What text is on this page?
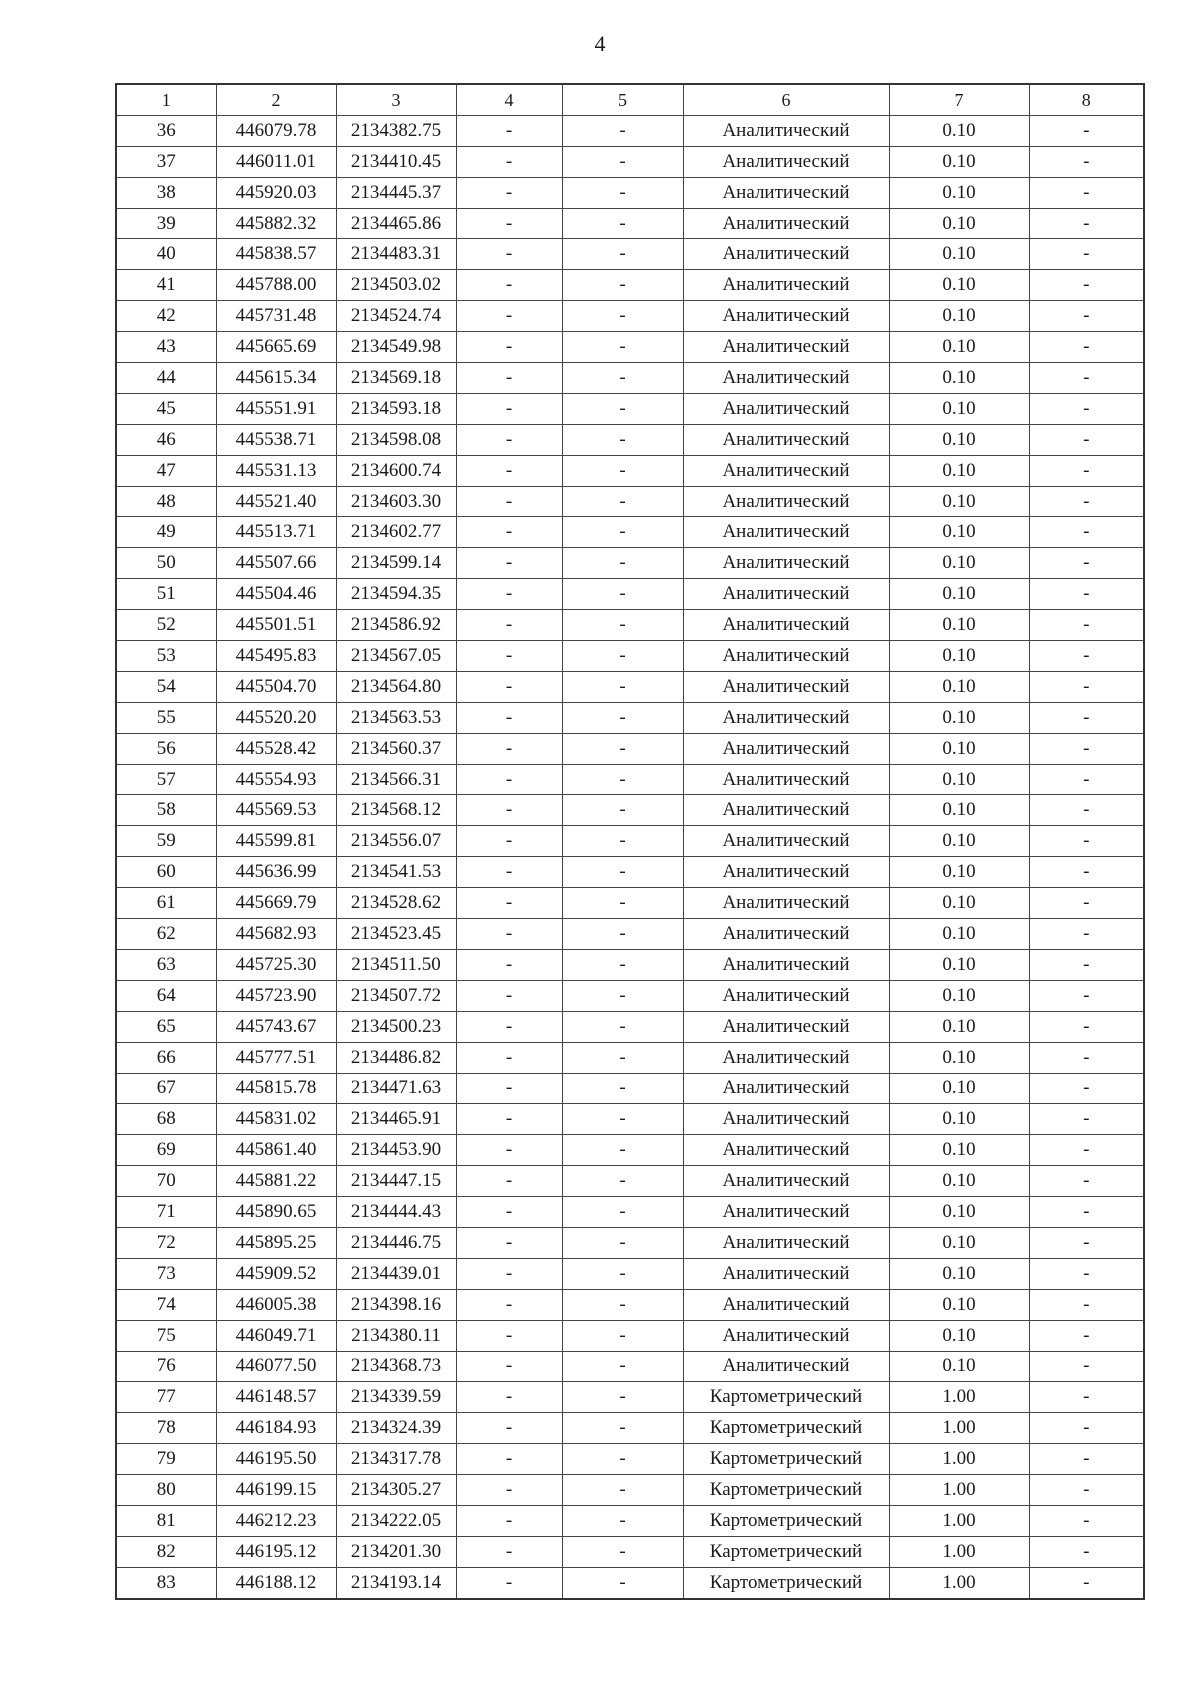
4
1	2	3	4	5	6	7	8
36	446079.78	2134382.75	-	-	Аналитический	0.10	-
37	446011.01	2134410.45	-	-	Аналитический	0.10	-
38	445920.03	2134445.37	-	-	Аналитический	0.10	-
39	445882.32	2134465.86	-	-	Аналитический	0.10	-
40	445838.57	2134483.31	-	-	Аналитический	0.10	-
41	445788.00	2134503.02	-	-	Аналитический	0.10	-
42	445731.48	2134524.74	-	-	Аналитический	0.10	-
43	445665.69	2134549.98	-	-	Аналитический	0.10	-
44	445615.34	2134569.18	-	-	Аналитический	0.10	-
45	445551.91	2134593.18	-	-	Аналитический	0.10	-
46	445538.71	2134598.08	-	-	Аналитический	0.10	-
47	445531.13	2134600.74	-	-	Аналитический	0.10	-
48	445521.40	2134603.30	-	-	Аналитический	0.10	-
49	445513.71	2134602.77	-	-	Аналитический	0.10	-
50	445507.66	2134599.14	-	-	Аналитический	0.10	-
51	445504.46	2134594.35	-	-	Аналитический	0.10	-
52	445501.51	2134586.92	-	-	Аналитический	0.10	-
53	445495.83	2134567.05	-	-	Аналитический	0.10	-
54	445504.70	2134564.80	-	-	Аналитический	0.10	-
55	445520.20	2134563.53	-	-	Аналитический	0.10	-
56	445528.42	2134560.37	-	-	Аналитический	0.10	-
57	445554.93	2134566.31	-	-	Аналитический	0.10	-
58	445569.53	2134568.12	-	-	Аналитический	0.10	-
59	445599.81	2134556.07	-	-	Аналитический	0.10	-
60	445636.99	2134541.53	-	-	Аналитический	0.10	-
61	445669.79	2134528.62	-	-	Аналитический	0.10	-
62	445682.93	2134523.45	-	-	Аналитический	0.10	-
63	445725.30	2134511.50	-	-	Аналитический	0.10	-
64	445723.90	2134507.72	-	-	Аналитический	0.10	-
65	445743.67	2134500.23	-	-	Аналитический	0.10	-
66	445777.51	2134486.82	-	-	Аналитический	0.10	-
67	445815.78	2134471.63	-	-	Аналитический	0.10	-
68	445831.02	2134465.91	-	-	Аналитический	0.10	-
69	445861.40	2134453.90	-	-	Аналитический	0.10	-
70	445881.22	2134447.15	-	-	Аналитический	0.10	-
71	445890.65	2134444.43	-	-	Аналитический	0.10	-
72	445895.25	2134446.75	-	-	Аналитический	0.10	-
73	445909.52	2134439.01	-	-	Аналитический	0.10	-
74	446005.38	2134398.16	-	-	Аналитический	0.10	-
75	446049.71	2134380.11	-	-	Аналитический	0.10	-
76	446077.50	2134368.73	-	-	Аналитический	0.10	-
77	446148.57	2134339.59	-	-	Картометрический	1.00	-
78	446184.93	2134324.39	-	-	Картометрический	1.00	-
79	446195.50	2134317.78	-	-	Картометрический	1.00	-
80	446199.15	2134305.27	-	-	Картометрический	1.00	-
81	446212.23	2134222.05	-	-	Картометрический	1.00	-
82	446195.12	2134201.30	-	-	Картометрический	1.00	-
83	446188.12	2134193.14	-	-	Картометрический	1.00	-
